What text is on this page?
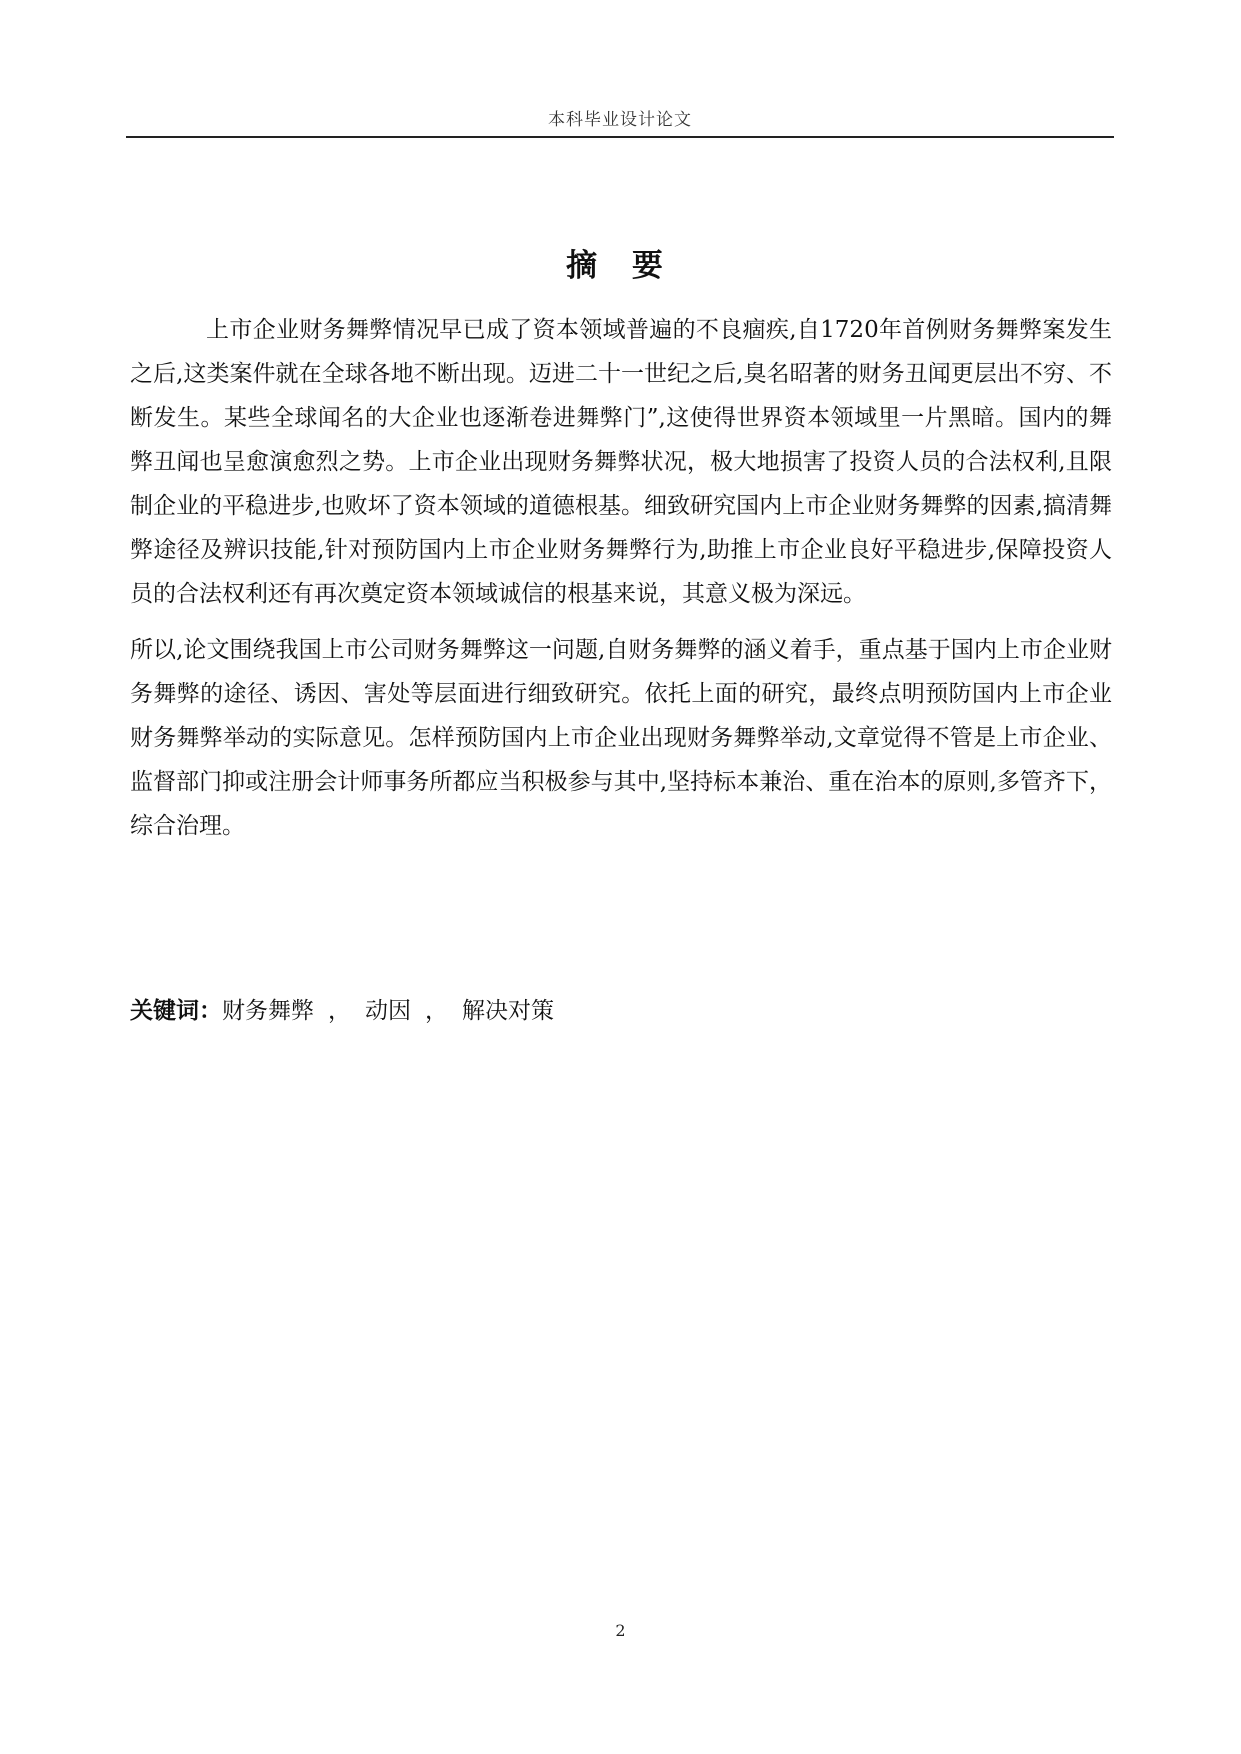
本科毕业设计论文
摘 要

上市企业财务舞弊情况早已成了资本领域普遍的不良痼疾,自1720年首例财务舞弊案发生之后,这类案件就在全球各地不断出现。迈进二十一世纪之后,臭名昭著的财务丑闻更层出不穷、不断发生。某些全球闻名的大企业也逐渐卷进舞弊门”,这使得世界资本领域里一片黑暗。国内的舞弊丑闻也呈愈演愈烈之势。上市企业出现财务舞弊状况，极大地损害了投资人员的合法权利,且限制企业的平稳进步,也败坏了资本领域的道德根基。细致研究国内上市企业财务舞弊的因素,搞清舞弊途径及辨识技能,针对预防国内上市企业财务舞弊行为,助推上市企业良好平稳进步,保障投资人员的合法权利还有再次奠定资本领域诚信的根基来说，其意义极为深远。

所以,论文围绕我国上市公司财务舞弊这一问题,自财务舞弊的涵义着手，重点基于国内上市企业财务舞弊的途径、诱因、害处等层面进行细致研究。依托上面的研究，最终点明预防国内上市企业财务舞弊举动的实际意见。怎样预防国内上市企业出现财务舞弊举动,文章觉得不管是上市企业、监督部门抑或注册会计师事务所都应当积极参与其中,坚持标本兼治、重在治本的原则,多管齐下，综合治理。

关键词：财务舞弊 ， 动因 ， 解决对策
2
